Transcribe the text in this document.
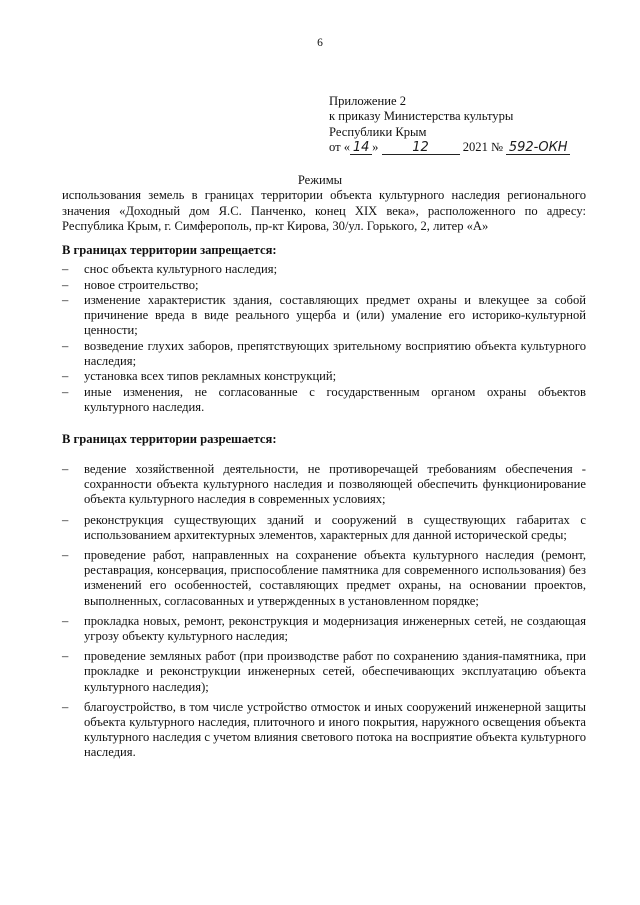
6
Приложение 2
к приказу Министерства культуры
Республики Крым
от « 14 »	12	2021 № 592-ОКН
Режимы
использования земель в границах территории объекта культурного наследия регионального значения «Доходный дом Я.С. Панченко, конец XIX века», расположенного по адресу: Республика Крым, г. Симферополь, пр-кт Кирова, 30/ул. Горького, 2, литер «А»
В границах территории запрещается:
– снос объекта культурного наследия;
– новое строительство;
– изменение характеристик здания, составляющих предмет охраны и влекущее за собой причинение вреда в виде реального ущерба и (или) умаление его историко-культурной ценности;
– возведение глухих заборов, препятствующих зрительному восприятию объекта культурного наследия;
– установка всех типов рекламных конструкций;
– иные изменения, не согласованные с государственным органом охраны объектов культурного наследия.
В границах территории разрешается:
– ведение хозяйственной деятельности, не противоречащей требованиям обеспечения - сохранности объекта культурного наследия и позволяющей обеспечить функционирование объекта культурного наследия в современных условиях;
– реконструкция существующих зданий и сооружений в существующих габаритах с использованием архитектурных элементов, характерных для данной исторической среды;
– проведение работ, направленных на сохранение объекта культурного наследия (ремонт, реставрация, консервация, приспособление памятника для современного использования) без изменений его особенностей, составляющих предмет охраны, на основании проектов, выполненных, согласованных и утвержденных в установленном порядке;
– прокладка новых, ремонт, реконструкция и модернизация инженерных сетей, не создающая угрозу объекту культурного наследия;
– проведение земляных работ (при производстве работ по сохранению здания-памятника, при прокладке и реконструкции инженерных сетей, обеспечивающих эксплуатацию объекта культурного наследия);
– благоустройство, в том числе устройство отмосток и иных сооружений инженерной защиты объекта культурного наследия, плиточного и иного покрытия, наружного освещения объекта культурного наследия с учетом влияния светового потока на восприятие объекта культурного наследия.
